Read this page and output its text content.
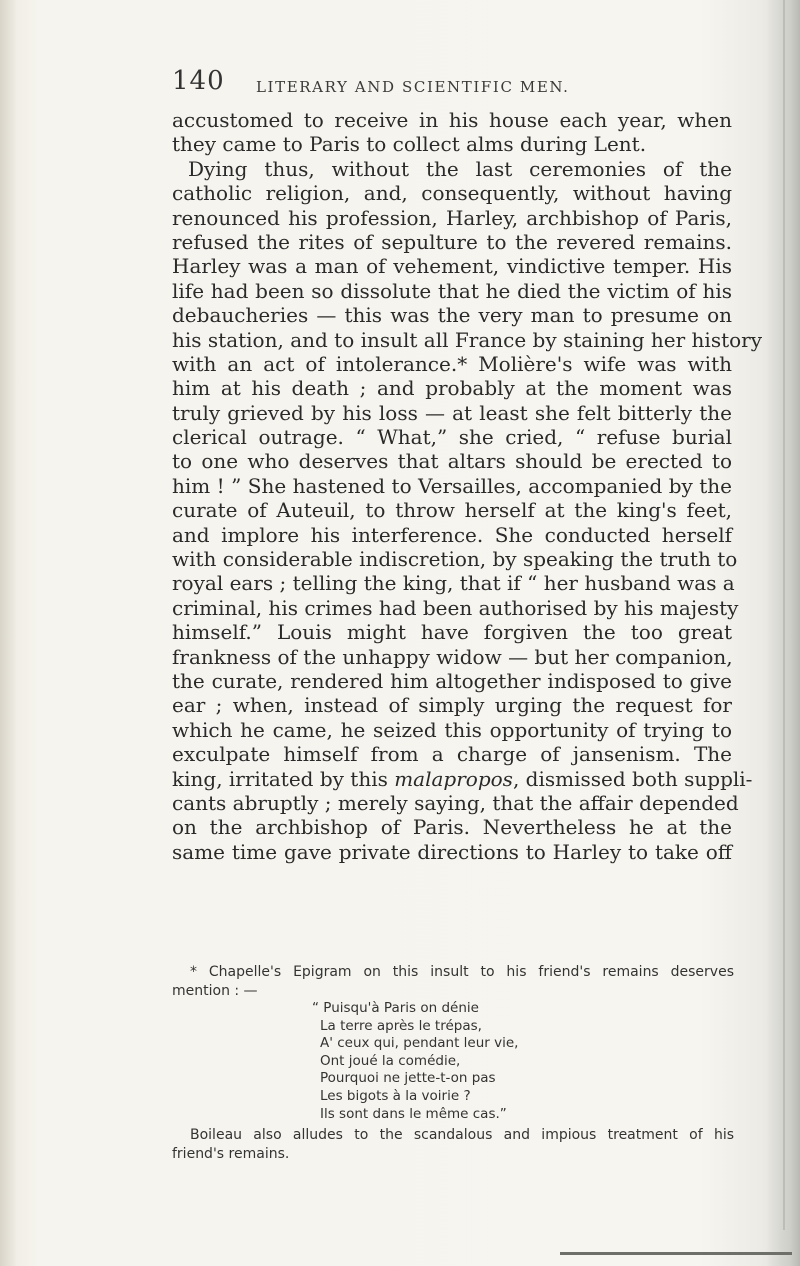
140 LITERARY AND SCIENTIFIC MEN.
accustomed to receive in his house each year, when
they came to Paris to collect alms during Lent.
Dying thus, without the last ceremonies of the
catholic religion, and, consequently, without having
renounced his profession, Harley, archbishop of Paris,
refused the rites of sepulture to the revered remains.
Harley was a man of vehement, vindictive temper. His
life had been so dissolute that he died the victim of his
debaucheries — this was the very man to presume on
his station, and to insult all France by staining her history
with an act of intolerance.* Molière's wife was with
him at his death ; and probably at the moment was
truly grieved by his loss — at least she felt bitterly the
clerical outrage. “ What,” she cried, “ refuse burial
to one who deserves that altars should be erected to
him ! ” She hastened to Versailles, accompanied by the
curate of Auteuil, to throw herself at the king's feet,
and implore his interference. She conducted herself
with considerable indiscretion, by speaking the truth to
royal ears ; telling the king, that if “ her husband was a
criminal, his crimes had been authorised by his majesty
himself.” Louis might have forgiven the too great
frankness of the unhappy widow — but her companion,
the curate, rendered him altogether indisposed to give
ear ; when, instead of simply urging the request for
which he came, he seized this opportunity of trying to
exculpate himself from a charge of jansenism. The
king, irritated by this malapropos, dismissed both suppli-
cants abruptly ; merely saying, that the affair depended
on the archbishop of Paris. Nevertheless he at the
same time gave private directions to Harley to take off
* Chapelle's Epigram on this insult to his friend's remains deserves
mention : —
“ Puisqu'à Paris on dénie
La terre après le trépas,
A' ceux qui, pendant leur vie,
Ont joué la comédie,
Pourquoi ne jette-t-on pas
Les bigots à la voirie ?
Ils sont dans le même cas.”
Boileau also alludes to the scandalous and impious treatment of his
friend's remains.
